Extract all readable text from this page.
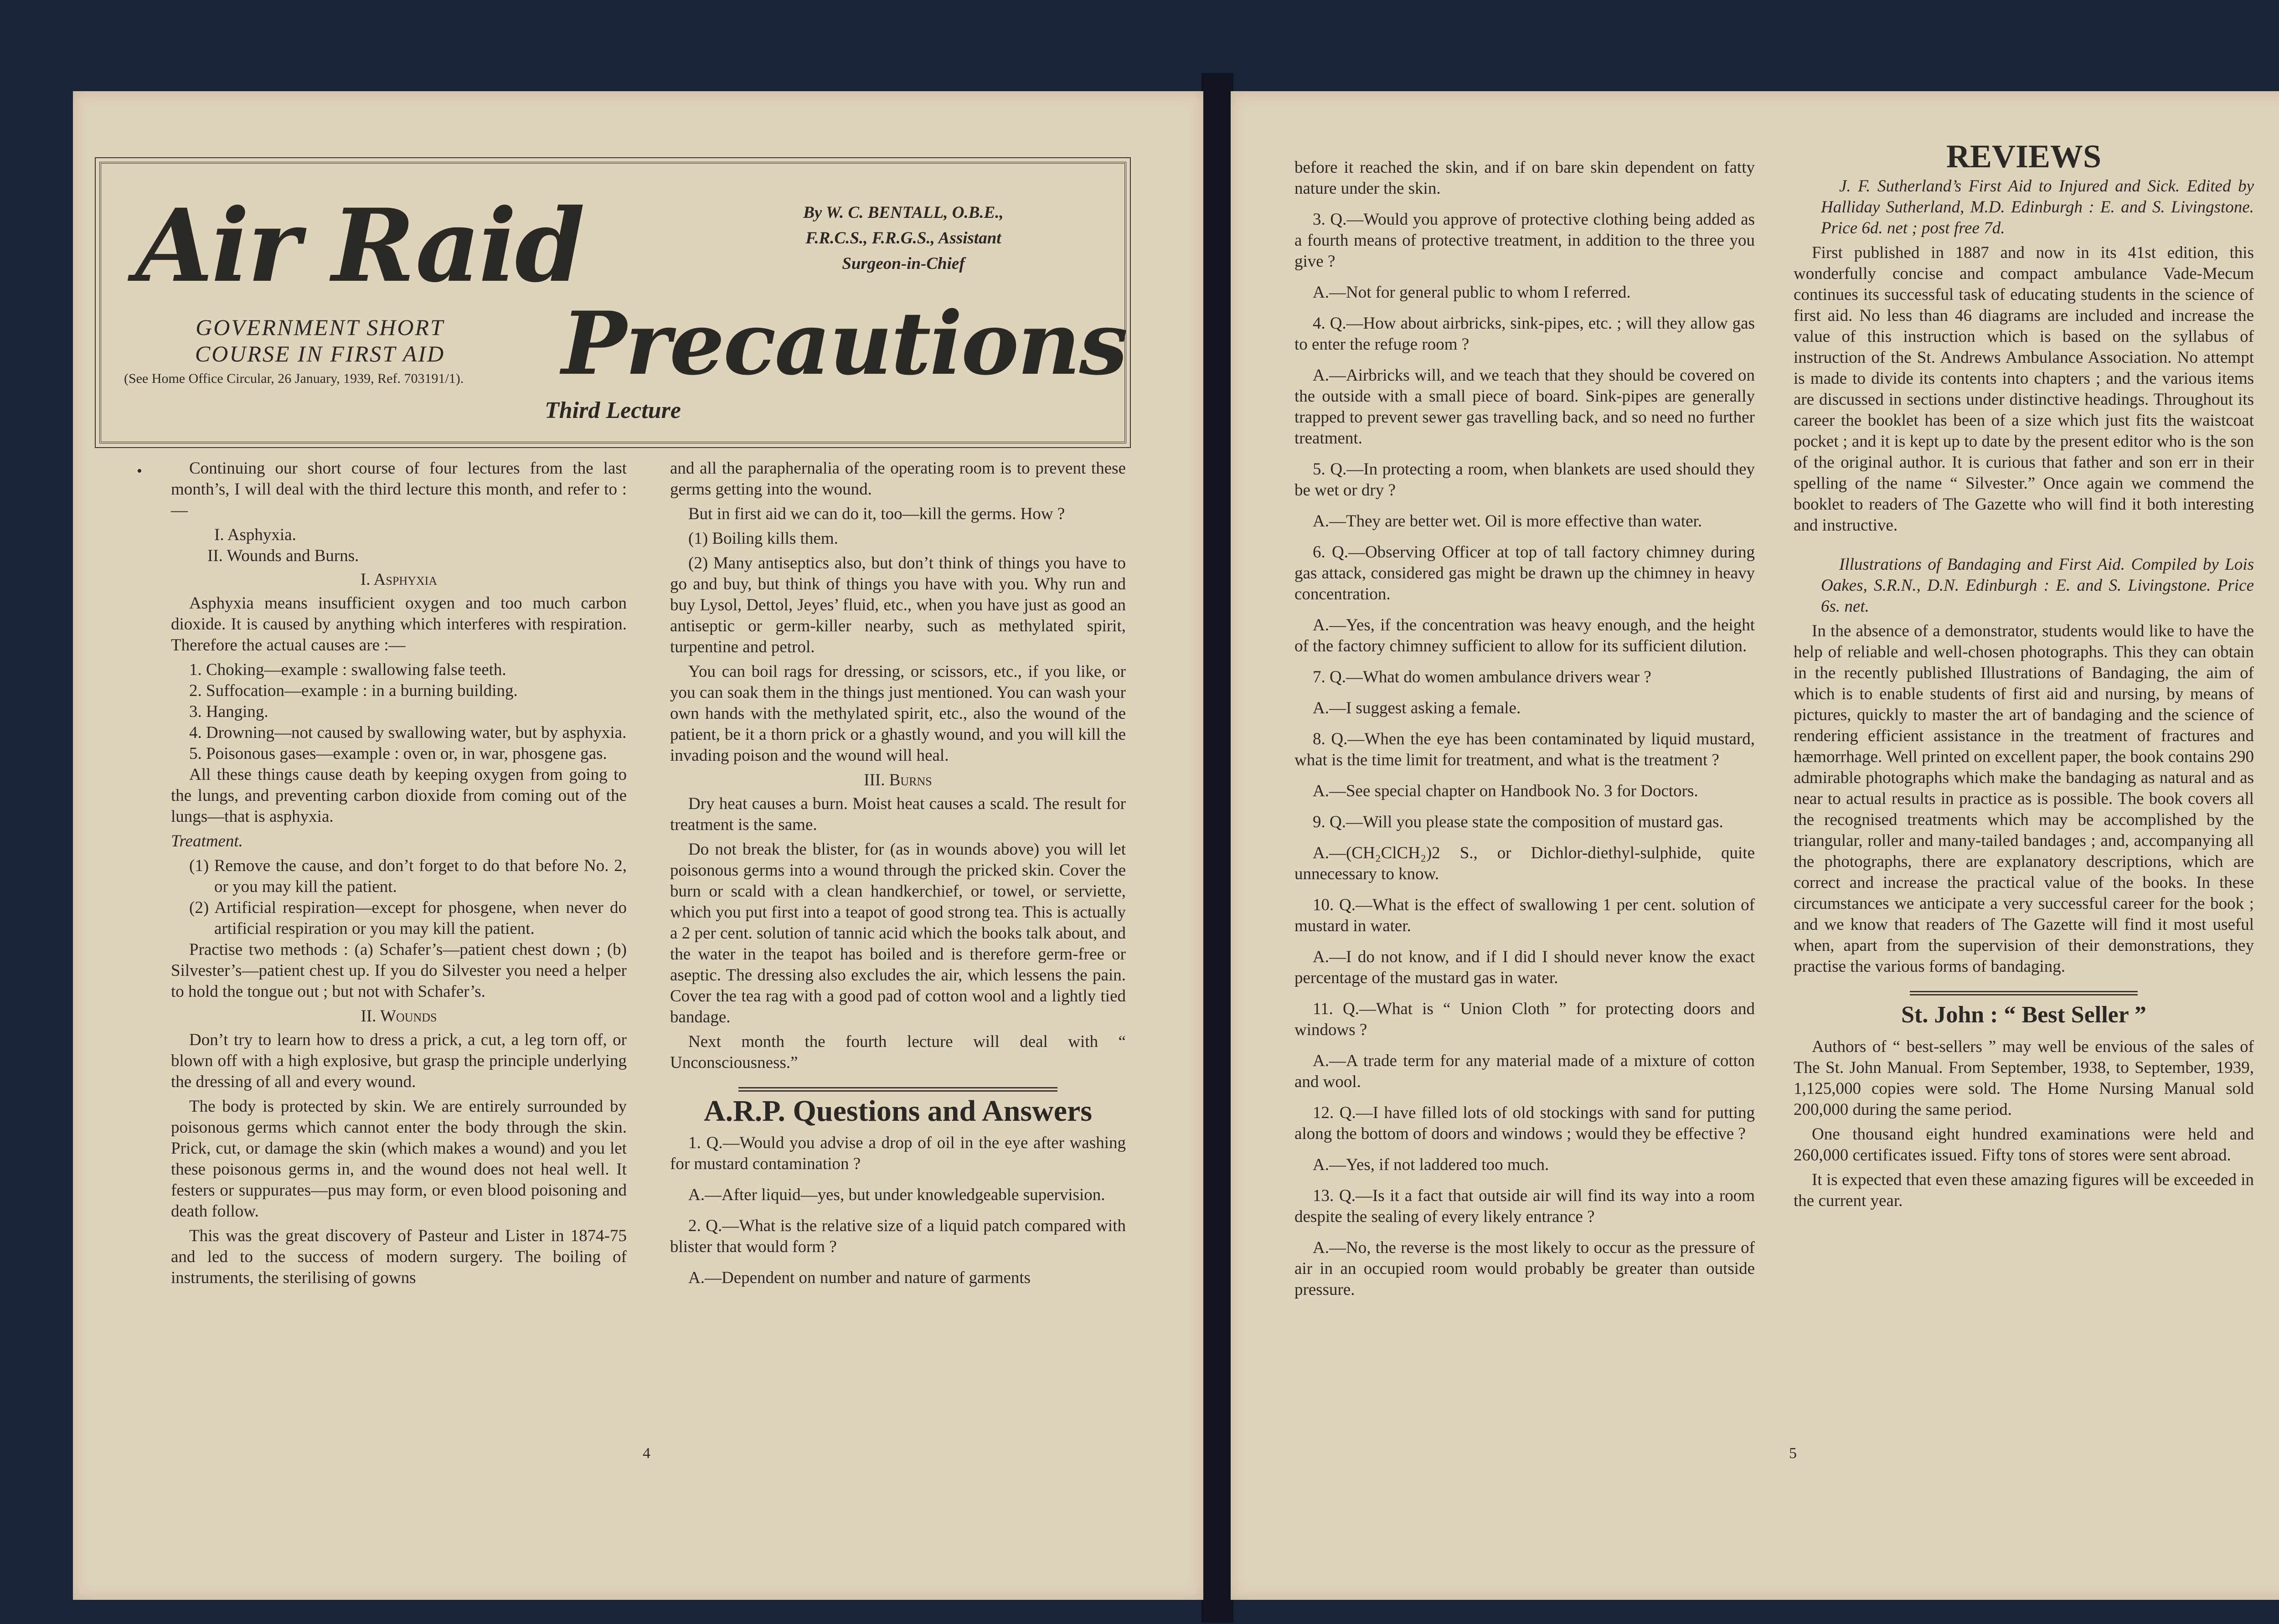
Air Raid	By W. C. BENTALL, O.B.E.,
F.R.C.S., F.R.G.S., Assistant
Surgeon-in-Chief
GOVERNMENT SHORT
COURSE IN FIRST AID	Precautions
(See Home Office Circular, 26 January, 1939, Ref. 703191/1).
Third Lecture
•	Continuing our short course of four lectures from the last month’s, I will deal with the third lecture this month, and refer to :—

I. Asphyxia.

II. Wounds and Burns.

I. Asphyxia

Asphyxia means insufficient oxygen and too much carbon dioxide. It is caused by anything which interferes with respiration. Therefore the actual causes are :—

1. Choking—example : swallowing false teeth.

2. Suffocation—example : in a burning building.

3. Hanging.

4. Drowning—not caused by swallowing water, but by asphyxia.

5. Poisonous gases—example : oven or, in war, phosgene gas.

All these things cause death by keeping oxygen from going to the lungs, and preventing carbon dioxide from coming out of the lungs—that is asphyxia.

Treatment.

(1) Remove the cause, and don’t forget to do that before No. 2, or you may kill the patient.

(2) Artificial respiration—except for phosgene, when never do artificial respiration or you may kill the patient.

Practise two methods : (a) Schafer’s—patient chest down ; (b) Silvester’s—patient chest up. If you do Silvester you need a helper to hold the tongue out ; but not with Schafer’s.

II. Wounds

Don’t try to learn how to dress a prick, a cut, a leg torn off, or blown off with a high explosive, but grasp the principle underlying the dressing of all and every wound.

The body is protected by skin. We are entirely surrounded by poisonous germs which cannot enter the body through the skin. Prick, cut, or damage the skin (which makes a wound) and you let these poisonous germs in, and the wound does not heal well. It festers or suppurates—pus may form, or even blood poisoning and death follow.

This was the great discovery of Pasteur and Lister in 1874-75 and led to the success of modern surgery. The boiling of instruments, the sterilising of gowns

and all the paraphernalia of the operating room is to prevent these germs getting into the wound.

But in first aid we can do it, too—kill the germs. How ?

(1) Boiling kills them.

(2) Many antiseptics also, but don’t think of things you have to go and buy, but think of things you have with you. Why run and buy Lysol, Dettol, Jeyes’ fluid, etc., when you have just as good an antiseptic or germ-killer nearby, such as methylated spirit, turpentine and petrol.

You can boil rags for dressing, or scissors, etc., if you like, or you can soak them in the things just mentioned. You can wash your own hands with the methylated spirit, etc., also the wound of the patient, be it a thorn prick or a ghastly wound, and you will kill the invading poison and the wound will heal.

III. Burns

Dry heat causes a burn. Moist heat causes a scald. The result for treatment is the same.

Do not break the blister, for (as in wounds above) you will let poisonous germs into a wound through the pricked skin. Cover the burn or scald with a clean handkerchief, or towel, or serviette, which you put first into a teapot of good strong tea. This is actually a 2 per cent. solution of tannic acid which the books talk about, and the water in the teapot has boiled and is therefore germ-free or aseptic. The dressing also excludes the air, which lessens the pain. Cover the tea rag with a good pad of cotton wool and a lightly tied bandage.

Next month the fourth lecture will deal with “ Unconsciousness.”

A.R.P. Questions and Answers

1. Q.—Would you advise a drop of oil in the eye after washing for mustard contamination ?

A.—After liquid—yes, but under knowledgeable supervision.

2. Q.—What is the relative size of a liquid patch compared with blister that would form ?

A.—Dependent on number and nature of garments

4

before it reached the skin, and if on bare skin dependent on fatty nature under the skin.

3. Q.—Would you approve of protective clothing being added as a fourth means of protective treatment, in addition to the three you give ?

A.—Not for general public to whom I referred.

4. Q.—How about airbricks, sink-pipes, etc. ; will they allow gas to enter the refuge room ?

A.—Airbricks will, and we teach that they should be covered on the outside with a small piece of board. Sink-pipes are generally trapped to prevent sewer gas travelling back, and so need no further treatment.

5. Q.—In protecting a room, when blankets are used should they be wet or dry ?

A.—They are better wet. Oil is more effective than water.

6. Q.—Observing Officer at top of tall factory chimney during gas attack, considered gas might be drawn up the chimney in heavy concentration.

A.—Yes, if the concentration was heavy enough, and the height of the factory chimney sufficient to allow for its sufficient dilution.

7. Q.—What do women ambulance drivers wear ?

A.—I suggest asking a female.

8. Q.—When the eye has been contaminated by liquid mustard, what is the time limit for treatment, and what is the treatment ?

A.—See special chapter on Handbook No. 3 for Doctors.

9. Q.—Will you please state the composition of mustard gas.

A.—(CH₂ClCH₂)2 S., or Dichlor-diethyl-sulphide, quite unnecessary to know.

10. Q.—What is the effect of swallowing 1 per cent. solution of mustard in water.

A.—I do not know, and if I did I should never know the exact percentage of the mustard gas in water.

11. Q.—What is “ Union Cloth ” for protecting doors and windows ?

A.—A trade term for any material made of a mixture of cotton and wool.

12. Q.—I have filled lots of old stockings with sand for putting along the bottom of doors and windows ; would they be effective ?

A.—Yes, if not laddered too much.

13. Q.—Is it a fact that outside air will find its way into a room despite the sealing of every likely entrance ?

A.—No, the reverse is the most likely to occur as the pressure of air in an occupied room would probably be greater than outside pressure.

REVIEWS

J. F. Sutherland’s First Aid to Injured and Sick. Edited by Halliday Sutherland, M.D. Edinburgh : E. and S. Livingstone. Price 6d. net ; post free 7d.

First published in 1887 and now in its 41st edition, this wonderfully concise and compact ambulance Vade-Mecum continues its successful task of educating students in the science of first aid. No less than 46 diagrams are included and increase the value of this instruction which is based on the syllabus of instruction of the St. Andrews Ambulance Association. No attempt is made to divide its contents into chapters ; and the various items are discussed in sections under distinctive headings. Throughout its career the booklet has been of a size which just fits the waistcoat pocket ; and it is kept up to date by the present editor who is the son of the original author. It is curious that father and son err in their spelling of the name “ Silvester.” Once again we commend the booklet to readers of The Gazette who will find it both interesting and instructive.

Illustrations of Bandaging and First Aid. Compiled by Lois Oakes, S.R.N., D.N. Edinburgh : E. and S. Livingstone. Price 6s. net.

In the absence of a demonstrator, students would like to have the help of reliable and well-chosen photographs. This they can obtain in the recently published Illustrations of Bandaging, the aim of which is to enable students of first aid and nursing, by means of pictures, quickly to master the art of bandaging and the science of rendering efficient assistance in the treatment of fractures and hæmorrhage. Well printed on excellent paper, the book contains 290 admirable photographs which make the bandaging as natural and as near to actual results in practice as is possible. The book covers all the recognised treatments which may be accomplished by the triangular, roller and many-tailed bandages ; and, accompanying all the photographs, there are explanatory descriptions, which are correct and increase the practical value of the books. In these circumstances we anticipate a very successful career for the book ; and we know that readers of The Gazette will find it most useful when, apart from the supervision of their demonstrations, they practise the various forms of bandaging.

St. John : “ Best Seller ”

Authors of “ best-sellers ” may well be envious of the sales of The St. John Manual. From September, 1938, to September, 1939, 1,125,000 copies were sold. The Home Nursing Manual sold 200,000 during the same period.

One thousand eight hundred examinations were held and 260,000 certificates issued. Fifty tons of stores were sent abroad.

It is expected that even these amazing figures will be exceeded in the current year.

5
